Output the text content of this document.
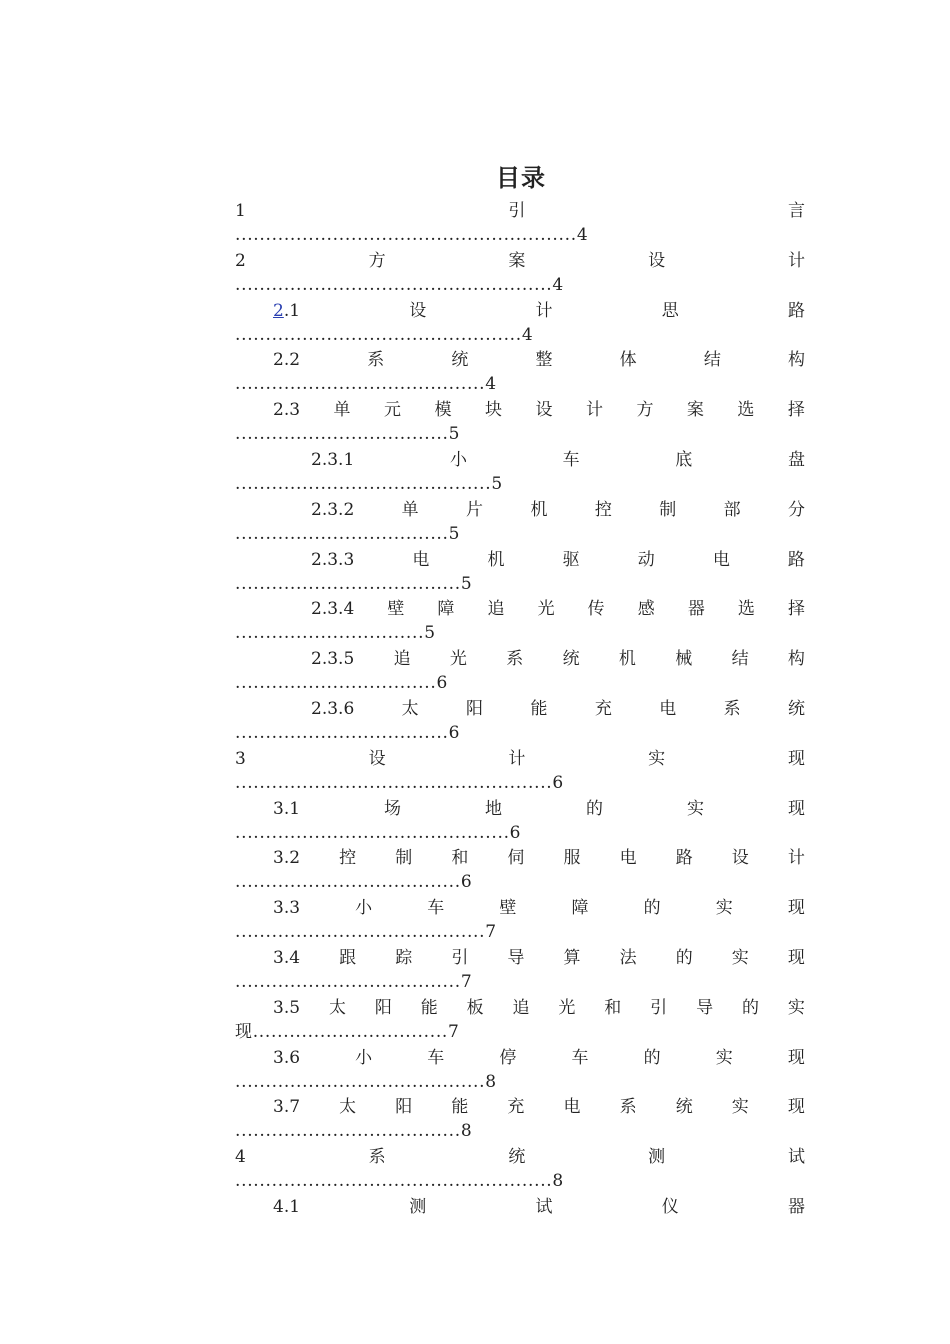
目录
1	引	言
........................................................4
2	方	案	设	计
....................................................4
2.1	设	计	思	路
...............................................4
2.2	系	统	整	体	结	构
.........................................4
2.3 单 元 模 块 设 计 方 案 选 择
...................................5
2.3.1	小	车	底	盘
..........................................5
2.3.2	单	片	机	控	制	部	分
...................................5
2.3.3	电	机	驱	动	电	路
.....................................5
2.3.4 壁 障 追 光 传 感 器 选 择
...............................5
2.3.5 追 光 系 统 机 械 结 构
.................................6
2.3.6	太	阳	能	充	电	系	统
...................................6
3	设	计	实	现
....................................................6
3.1	场	地	的	实	现
.............................................6
3.2 控 制 和 伺 服 电 路 设 计
.....................................6
3.3	小	车	壁	障	的	实	现
.........................................7
3.4 跟 踪 引 导 算 法 的 实 现
.....................................7
3.5 太 阳 能 板 追 光 和 引 导 的 实
现................................7
3.6	小	车	停	车	的	实	现
.........................................8
3.7 太 阳 能 充 电 系 统 实 现
.....................................8
4	系	统	测	试
....................................................8
4.1	测	试	仪	器
